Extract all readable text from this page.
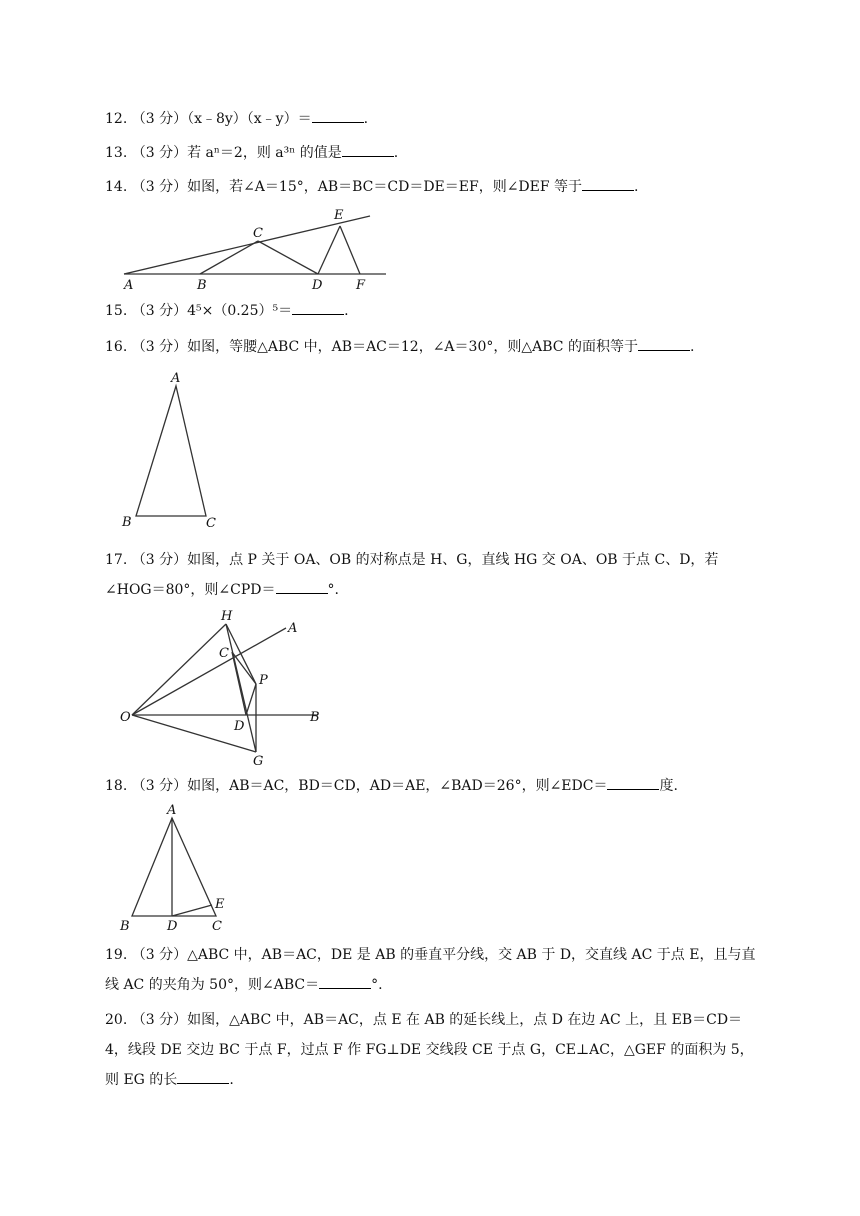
12. （3 分）（x﹣8y）（x﹣y）＝	.
13. （3 分）若 aⁿ＝2，则 a³ⁿ 的值是	.
14. （3 分）如图，若∠A＝15°，AB＝BC＝CD＝DE＝EF，则∠DEF 等于	.
A	B
C
D
E
F
15. （3 分）4⁵×（0.25）⁵＝	.
16. （3 分）如图，等腰△ABC 中，AB＝AC＝12，∠A＝30°，则△ABC 的面积等于	.
A
B	C
17. （3 分）如图，点 P 关于 OA、OB 的对称点是 H、G，直线 HG 交 OA、OB 于点 C、D，若∠HOG＝80°，则∠CPD＝	°.
H
A
C
P
O
D
B
G
18. （3 分）如图，AB＝AC，BD＝CD，AD＝AE，∠BAD＝26°，则∠EDC＝	度.
A
B	D
E
C
19. （3 分）△ABC 中，AB＝AC，DE 是 AB 的垂直平分线，交 AB 于 D，交直线 AC 于点 E，且与直线 AC 的夹角为 50°，则∠ABC＝	°.
20. （3 分）如图，△ABC 中，AB＝AC，点 E 在 AB 的延长线上，点 D 在边 AC 上，且 EB＝CD＝4，线段 DE 交边 BC 于点 F，过点 F 作 FG⊥DE 交线段 CE 于点 G，CE⊥AC，△GEF 的面积为 5，则 EG 的长	.
